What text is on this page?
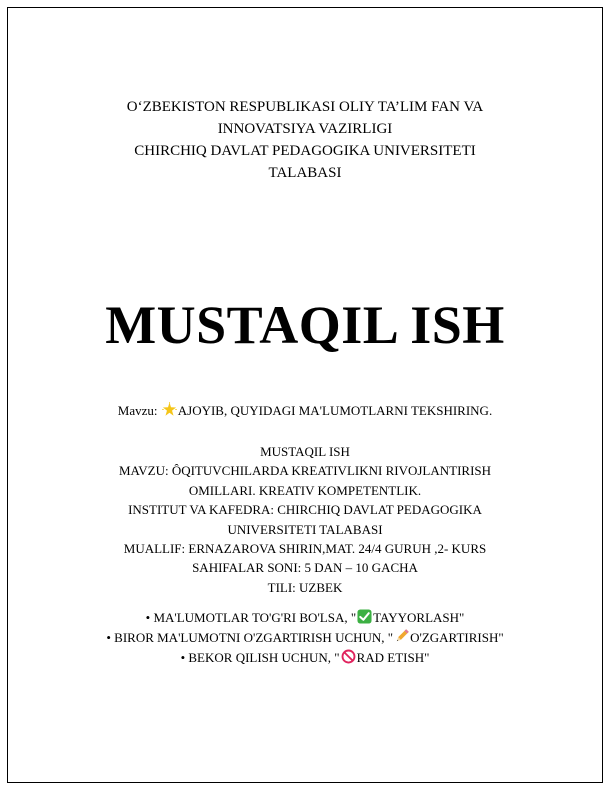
O‘ZBEKISTON RESPUBLIKASI OLIY TA’LIM FAN VA
INNOVATSIYA VAZIRLIGI
CHIRCHIQ DAVLAT PEDAGOGIKA UNIVERSITETI
TALABASI
MUSTAQIL ISH
Mavzu: AJOYIB, QUYIDAGI MA'LUMOTLARNI TEKSHIRING.
MUSTAQIL ISH
MAVZU: ÔQITUVCHILARDA KREATIVLIKNI RIVOJLANTIRISH
OMILLARI. KREATIV KOMPETENTLIK.
INSTITUT VA KAFEDRA: CHIRCHIQ DAVLAT PEDAGOGIKA
UNIVERSITETI TALABASI
MUALLIF: ERNAZAROVA SHIRIN,MAT. 24/4 GURUH ,2- KURS
SAHIFALAR SONI: 5 DAN – 10 GACHA
TILI: UZBEK
• MA'LUMOTLAR TO'G'RI BO'LSA, " TAYYORLASH"
• BIROR MA'LUMOTNI O'ZGARTIRISH UCHUN, " O'ZGARTIRISH"
• BEKOR QILISH UCHUN, " RAD ETISH"
